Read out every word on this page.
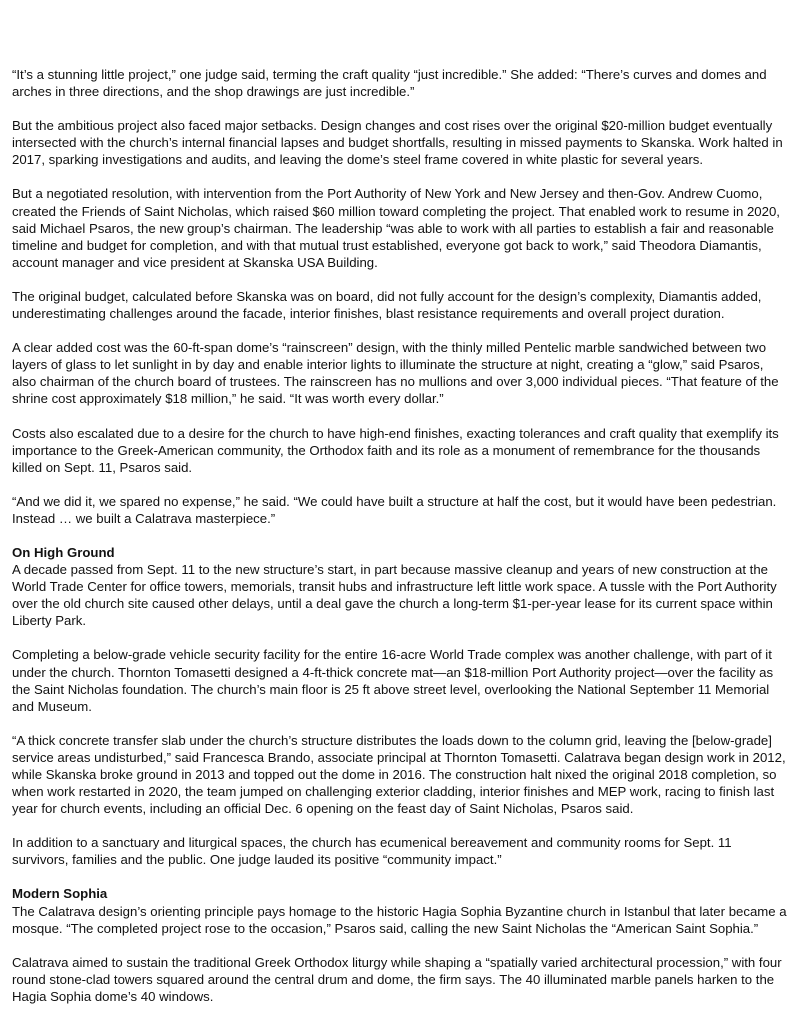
“It’s a stunning little project,” one judge said, terming the craft quality “just incredible.” She added: “There’s curves and domes and arches in three directions, and the shop drawings are just incredible.”

But the ambitious project also faced major setbacks. Design changes and cost rises over the original $20-million budget eventually intersected with the church’s internal financial lapses and budget shortfalls, resulting in missed payments to Skanska. Work halted in 2017, sparking investigations and audits, and leaving the dome’s steel frame covered in white plastic for several years.

But a negotiated resolution, with intervention from the Port Authority of New York and New Jersey and then-Gov. Andrew Cuomo, created the Friends of Saint Nicholas, which raised $60 million toward completing the project. That enabled work to resume in 2020, said Michael Psaros, the new group’s chairman. The leadership “was able to work with all parties to establish a fair and reasonable timeline and budget for completion, and with that mutual trust established, everyone got back to work,” said Theodora Diamantis, account manager and vice president at Skanska USA Building.

The original budget, calculated before Skanska was on board, did not fully account for the design’s complexity, Diamantis added, underestimating challenges around the facade, interior finishes, blast resistance requirements and overall project duration.

A clear added cost was the 60-ft-span dome’s “rainscreen” design, with the thinly milled Pentelic marble sandwiched between two layers of glass to let sunlight in by day and enable interior lights to illuminate the structure at night, creating a “glow,” said Psaros, also chairman of the church board of trustees. The rainscreen has no mullions and over 3,000 individual pieces. “That feature of the shrine cost approximately $18 million,” he said. “It was worth every dollar.”

Costs also escalated due to a desire for the church to have high-end finishes, exacting tolerances and craft quality that exemplify its importance to the Greek-American community, the Orthodox faith and its role as a monument of remembrance for the thousands killed on Sept. 11, Psaros said.

“And we did it, we spared no expense,” he said. “We could have built a structure at half the cost, but it would have been pedestrian. Instead … we built a Calatrava masterpiece.”

On High Ground

A decade passed from Sept. 11 to the new structure’s start, in part because massive cleanup and years of new construction at the World Trade Center for office towers, memorials, transit hubs and infrastructure left little work space. A tussle with the Port Authority over the old church site caused other delays, until a deal gave the church a long-term $1-per-year lease for its current space within Liberty Park.

Completing a below-grade vehicle security facility for the entire 16-acre World Trade complex was another challenge, with part of it under the church. Thornton Tomasetti designed a 4-ft-thick concrete mat—an $18-million Port Authority project—over the facility as the Saint Nicholas foundation. The church’s main floor is 25 ft above street level, overlooking the National September 11 Memorial and Museum.

“A thick concrete transfer slab under the church’s structure distributes the loads down to the column grid, leaving the [below-grade] service areas undisturbed,” said Francesca Brando, associate principal at Thornton Tomasetti. Calatrava began design work in 2012, while Skanska broke ground in 2013 and topped out the dome in 2016. The construction halt nixed the original 2018 completion, so when work restarted in 2020, the team jumped on challenging exterior cladding, interior finishes and MEP work, racing to finish last year for church events, including an official Dec. 6 opening on the feast day of Saint Nicholas, Psaros said.

In addition to a sanctuary and liturgical spaces, the church has ecumenical bereavement and community rooms for Sept. 11 survivors, families and the public. One judge lauded its positive “community impact.”

Modern Sophia

The Calatrava design’s orienting principle pays homage to the historic Hagia Sophia Byzantine church in Istanbul that later became a mosque. “The completed project rose to the occasion,” Psaros said, calling the new Saint Nicholas the “American Saint Sophia.”

Calatrava aimed to sustain the traditional Greek Orthodox liturgy while shaping a “spatially varied architectural procession,” with four round stone-clad towers squared around the central drum and dome, the firm says. The 40 illuminated marble panels harken to the Hagia Sophia dome’s 40 windows.
